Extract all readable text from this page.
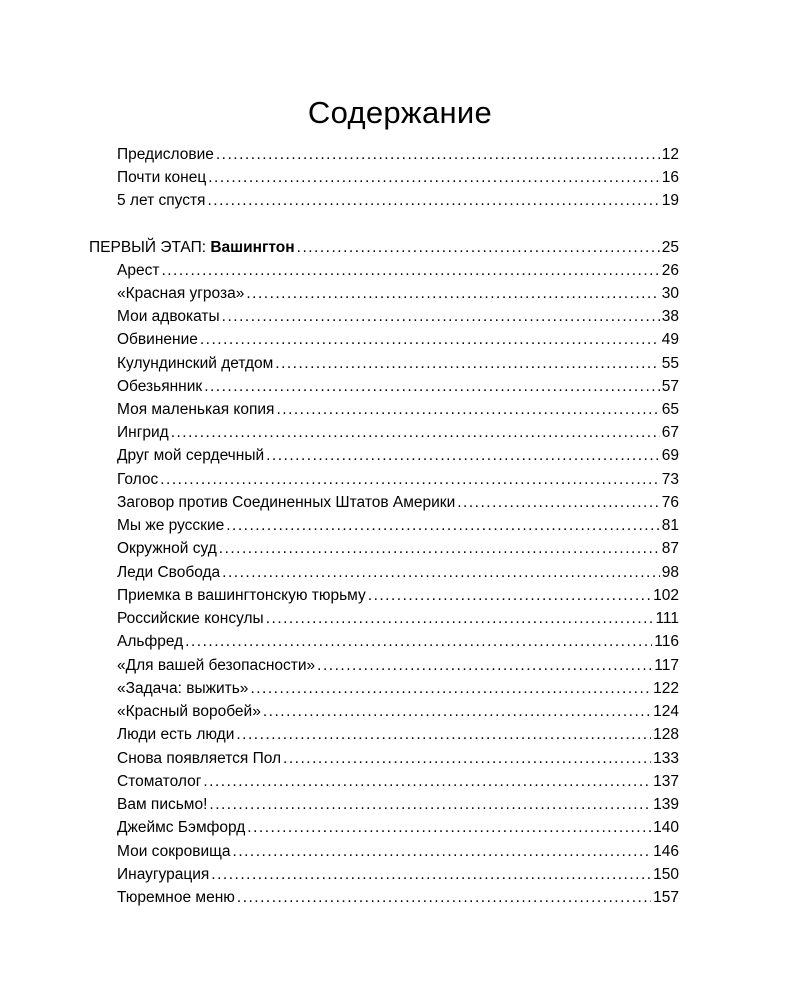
Содержание
Предисловие .....	12
Почти конец .....	16
5 лет спустя .....	19
ПЕРВЫЙ ЭТАП: Вашингтон .....	25
Арест .....	26
«Красная угроза» .....	30
Мои адвокаты .....	38
Обвинение .....	49
Кулундинский детдом .....	55
Обезьянник .....	57
Моя маленькая копия .....	65
Ингрид .....	67
Друг мой сердечный .....	69
Голос .....	73
Заговор против Соединенных Штатов Америки .....	76
Мы же русские .....	81
Окружной суд .....	87
Леди Свобода .....	98
Приемка в вашингтонскую тюрьму .....	102
Российские консулы .....	111
Альфред .....	116
«Для вашей безопасности» .....	117
«Задача: выжить» .....	122
«Красный воробей» .....	124
Люди есть люди .....	128
Снова появляется Пол .....	133
Стоматолог .....	137
Вам письмо! .....	139
Джеймс Бэмфорд .....	140
Мои сокровища .....	146
Инаугурация .....	150
Тюремное меню .....	157
